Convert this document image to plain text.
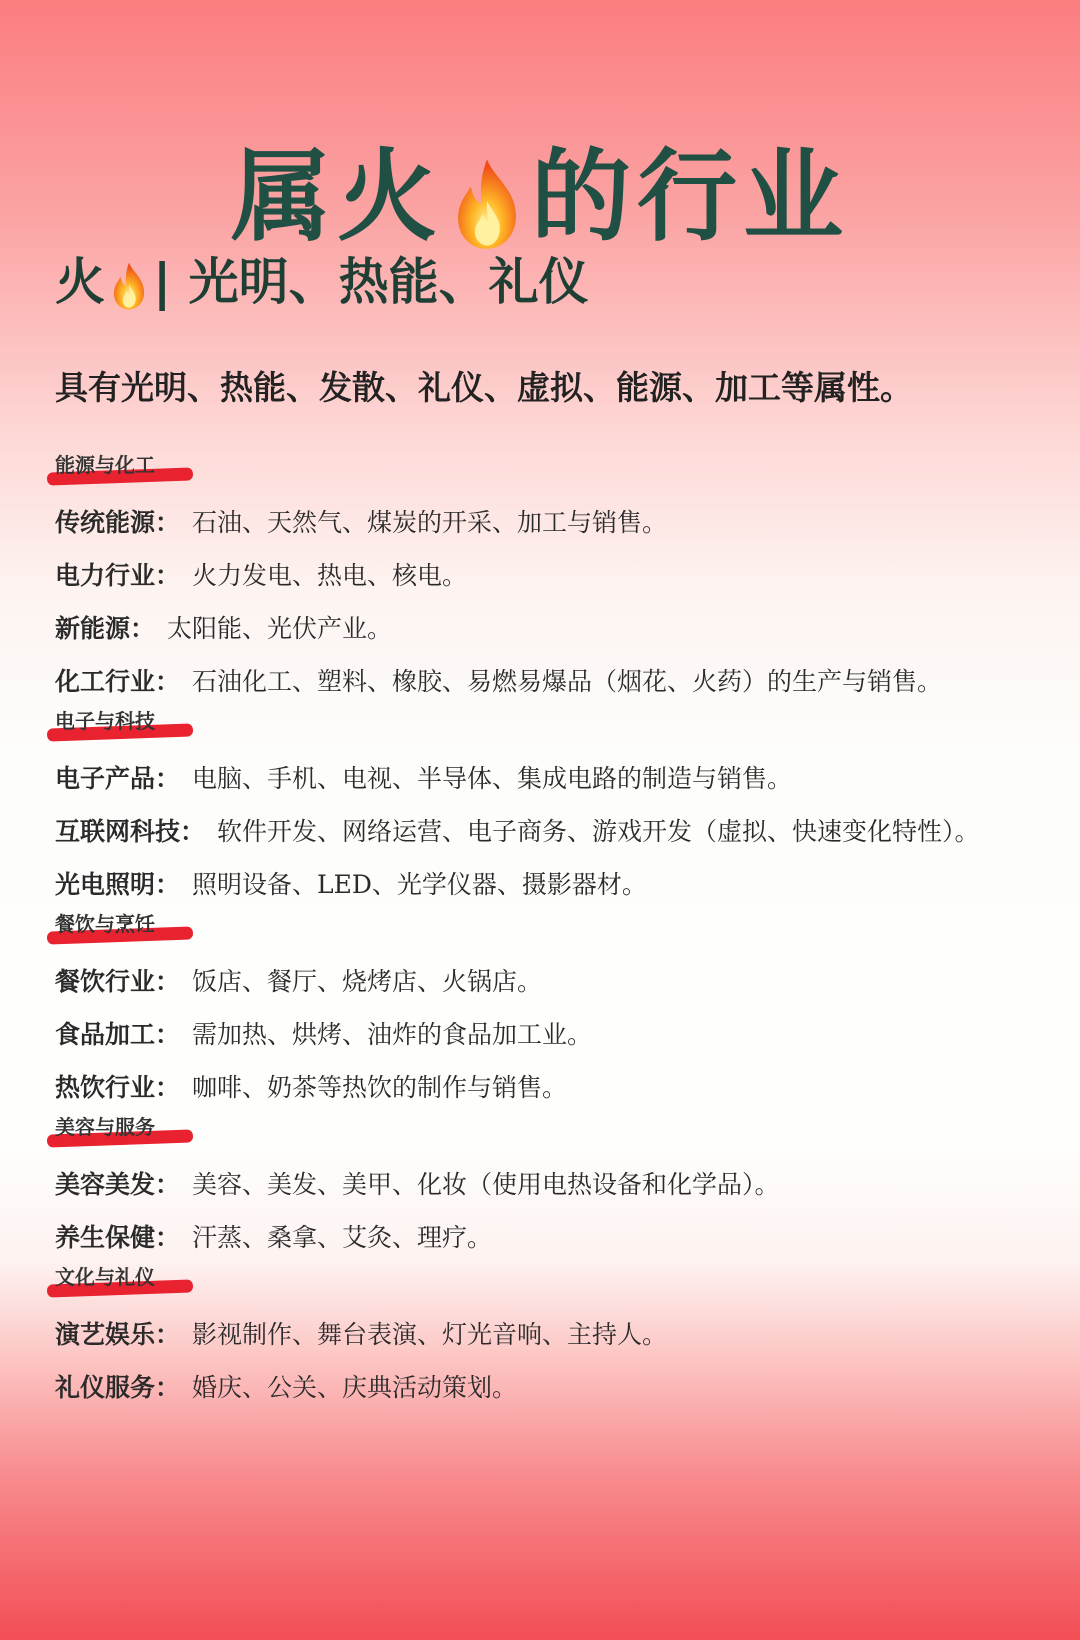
属火 的行业
火 | 光明、热能、礼仪
具有光明、热能、发散、礼仪、虚拟、能源、加工等属性。
能源与化工
传统能源： 石油、天然气、煤炭的开采、加工与销售。
电力行业： 火力发电、热电、核电。
新能源： 太阳能、光伏产业。
化工行业： 石油化工、塑料、橡胶、易燃易爆品（烟花、火药）的生产与销售。
电子与科技
电子产品： 电脑、手机、电视、半导体、集成电路的制造与销售。
互联网科技： 软件开发、网络运营、电子商务、游戏开发（虚拟、快速变化特性）。
光电照明： 照明设备、LED、光学仪器、摄影器材。
餐饮与烹饪
餐饮行业： 饭店、餐厅、烧烤店、火锅店。
食品加工： 需加热、烘烤、油炸的食品加工业。
热饮行业： 咖啡、奶茶等热饮的制作与销售。
美容与服务
美容美发： 美容、美发、美甲、化妆（使用电热设备和化学品）。
养生保健： 汗蒸、桑拿、艾灸、理疗。
文化与礼仪
演艺娱乐： 影视制作、舞台表演、灯光音响、主持人。
礼仪服务： 婚庆、公关、庆典活动策划。
